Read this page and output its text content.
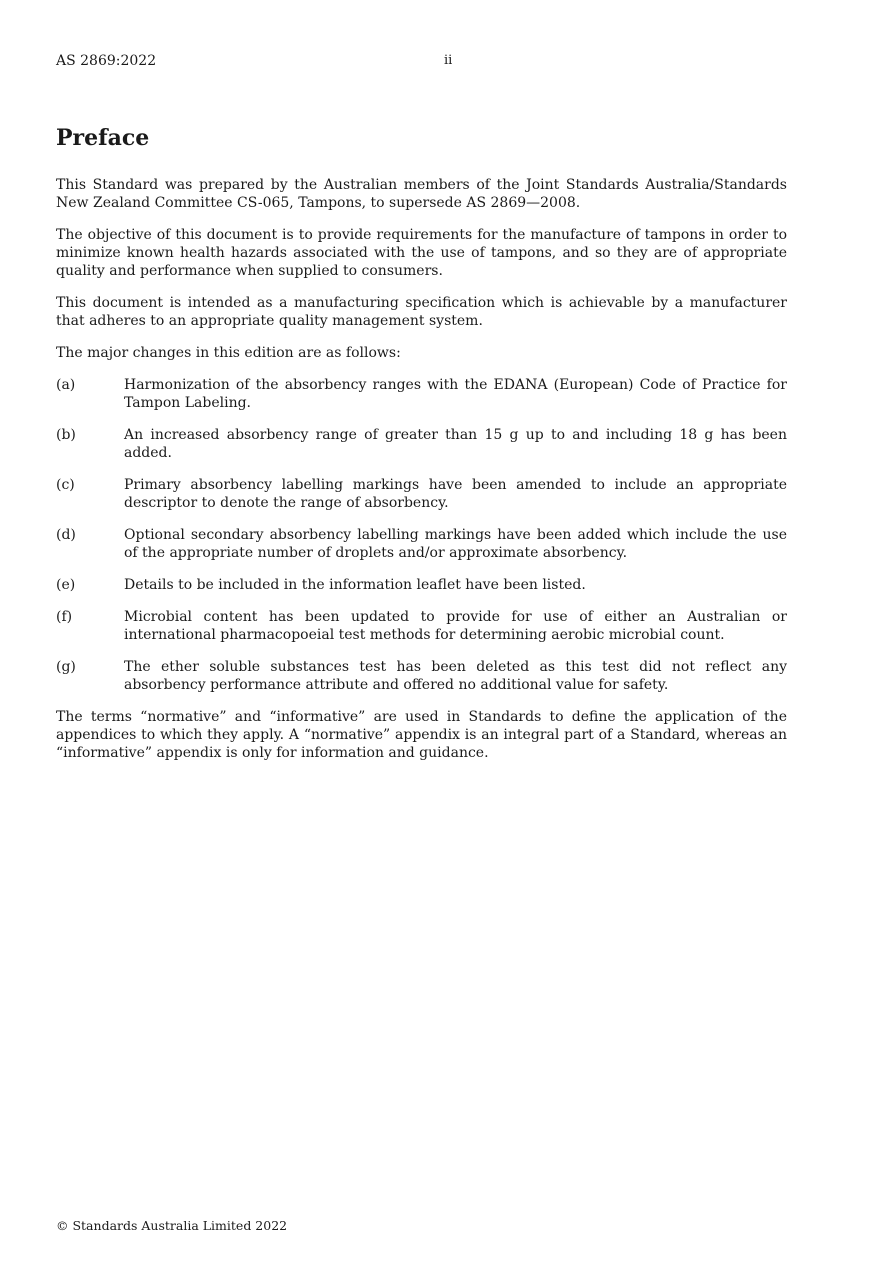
AS 2869:2022	ii
Preface

This Standard was prepared by the Australian members of the Joint Standards Australia/Standards New Zealand Committee CS-065, Tampons, to supersede AS 2869—2008.

The objective of this document is to provide requirements for the manufacture of tampons in order to minimize known health hazards associated with the use of tampons, and so they are of appropriate quality and performance when supplied to consumers.

This document is intended as a manufacturing specification which is achievable by a manufacturer that adheres to an appropriate quality management system.

The major changes in this edition are as follows:

(a)	Harmonization of the absorbency ranges with the EDANA (European) Code of Practice for Tampon Labeling.
(b)	An increased absorbency range of greater than 15 g up to and including 18 g has been added.
(c)	Primary absorbency labelling markings have been amended to include an appropriate descriptor to denote the range of absorbency.
(d)	Optional secondary absorbency labelling markings have been added which include the use of the appropriate number of droplets and/or approximate absorbency.
(e)	Details to be included in the information leaflet have been listed.
(f)	Microbial content has been updated to provide for use of either an Australian or international pharmacopoeial test methods for determining aerobic microbial count.
(g)	The ether soluble substances test has been deleted as this test did not reflect any absorbency performance attribute and offered no additional value for safety.

The terms “normative” and “informative” are used in Standards to define the application of the appendices to which they apply. A “normative” appendix is an integral part of a Standard, whereas an “informative” appendix is only for information and guidance.

© Standards Australia Limited 2022
